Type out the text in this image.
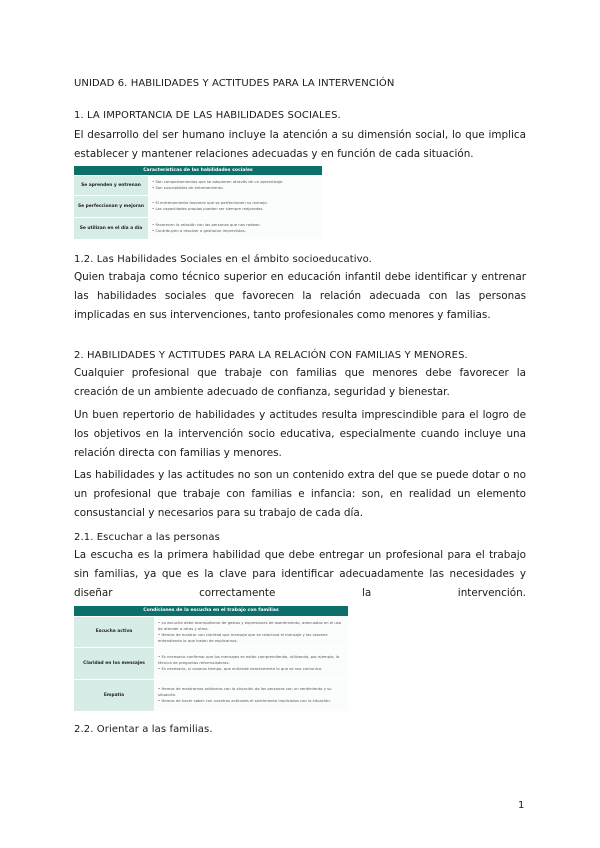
UNIDAD 6. HABILIDADES Y ACTITUDES PARA LA INTERVENCIÓN
1. LA IMPORTANCIA DE LAS HABILIDADES SOCIALES.
El desarrollo del ser humano incluye la atención a su dimensión social, lo que implica establecer y mantener relaciones adecuadas y en función de cada situación.
Características de las habilidades sociales	
Se aprenden y entrenan	• Son comportamientos que se adquieren através de un aprendizaje.
• Son susceptibles de entrenamiento.
Se perfeccionan y mejoran	• El entrenamiento favorece que se perfeccionen su manejo.
• Las capacidades propias pueden ser siempre mejoradas.
Se utilizan en el día a día	• Favorecen la relación con las personas que nos rodean.
• Contribuyen a resolver o gestionar imprevistos.
1.2. Las Habilidades Sociales en el ámbito socioeducativo.
Quien trabaja como técnico superior en educación infantil debe identificar y entrenar las habilidades sociales que favorecen la relación adecuada con las personas implicadas en sus intervenciones, tanto profesionales como menores y familias.
2. HABILIDADES Y ACTITUDES PARA LA RELACIÓN CON FAMILIAS Y MENORES.
Cualquier profesional que trabaje con familias que menores debe favorecer la creación de un ambiente adecuado de confianza, seguridad y bienestar.
Un buen repertorio de habilidades y actitudes resulta imprescindible para el logro de los objetivos en la intervención socio educativa, especialmente cuando incluye una relación directa con familias y menores.
Las habilidades y las actitudes no son un contenido extra del que se puede dotar o no un profesional que trabaje con familias e infancia: son, en realidad un elemento consustancial y necesarios para su trabajo de cada día.
2.1. Escuchar a las personas
La escucha es la primera habilidad que debe entregar un profesional para el trabajo sin familias, ya que es la clave para identificar adecuadamente las necesidades y diseñar correctamente la intervención.
Condiciones de la escucha en el trabajo con familias	
Escucha activa	• La escucha debe acompañarse de gestos y expresiones de asentimiento, adecuados en el uso de atender a otras y otros.
• Hemos de mostrar con claridad que mensaje que se relaciona el mensaje y las razones entendiendo la que tratan de explicarnos.
Claridad en los mensajes	• Es necesario confirmar que los mensajes se están comprendiendo, utilizando, por ejemplo, la técnica de preguntas reformuladoras.
• Es necesario, si usamos tiempo, que entiende exactamente lo que se nos comunica.
Empatía	• Hemos de mostrarnos solidarios con la situación de las personas con un sentimiento y su situación.
• Hemos de hacer saber con nuestras actitudes el sentimiento implicados con la situación.
2.2. Orientar a las familias.
1
